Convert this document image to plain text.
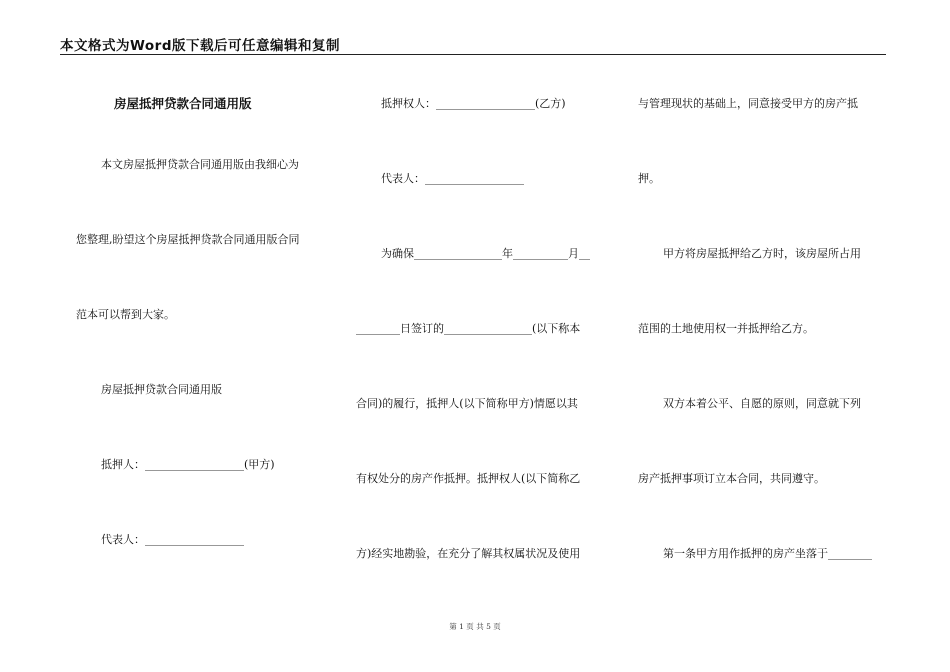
本文格式为Word版下载后可任意编辑和复制
房屋抵押贷款合同通用版
本文房屋抵押贷款合同通用版由我细心为
您整理,盼望这个房屋抵押贷款合同通用版合同
范本可以帮到大家。
房屋抵押贷款合同通用版
抵押人：__________________(甲方)
代表人：__________________
抵押权人：__________________(乙方)
代表人：__________________
为确保________________年__________月__
________日签订的________________(以下称本
合同)的履行，抵押人(以下简称甲方)情愿以其
有权处分的房产作抵押。抵押权人(以下简称乙
方)经实地勘验，在充分了解其权属状况及使用
与管理现状的基础上，同意接受甲方的房产抵
押。
甲方将房屋抵押给乙方时，该房屋所占用
范围的土地使用权一并抵押给乙方。
双方本着公平、自愿的原则，同意就下列
房产抵押事项订立本合同，共同遵守。
第一条甲方用作抵押的房产坐落于________
第 1 页 共 5 页
